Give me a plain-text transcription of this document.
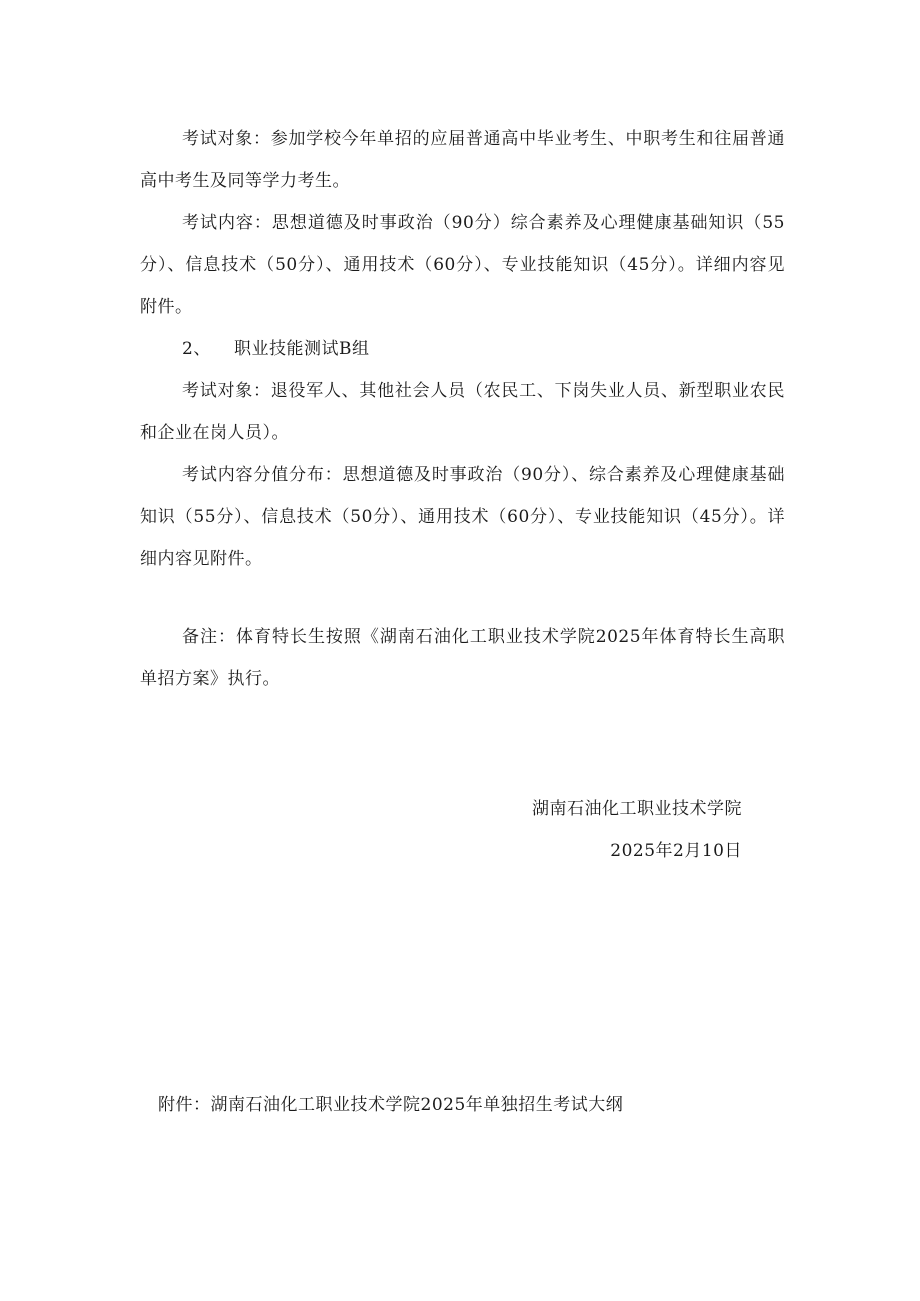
考试对象：参加学校今年单招的应届普通高中毕业考生、中职考生和往届普通高中考生及同等学力考生。

考试内容：思想道德及时事政治（90分）综合素养及心理健康基础知识（55分）、信息技术（50分）、通用技术（60分）、专业技能知识（45分）。详细内容见附件。

2、 职业技能测试B组

考试对象：退役军人、其他社会人员（农民工、下岗失业人员、新型职业农民和企业在岗人员）。

考试内容分值分布：思想道德及时事政治（90分）、综合素养及心理健康基础知识（55分）、信息技术（50分）、通用技术（60分）、专业技能知识（45分）。详细内容见附件。

备注：体育特长生按照《湖南石油化工职业技术学院2025年体育特长生高职单招方案》执行。

湖南石油化工职业技术学院

2025年2月10日

附件：湖南石油化工职业技术学院2025年单独招生考试大纲
